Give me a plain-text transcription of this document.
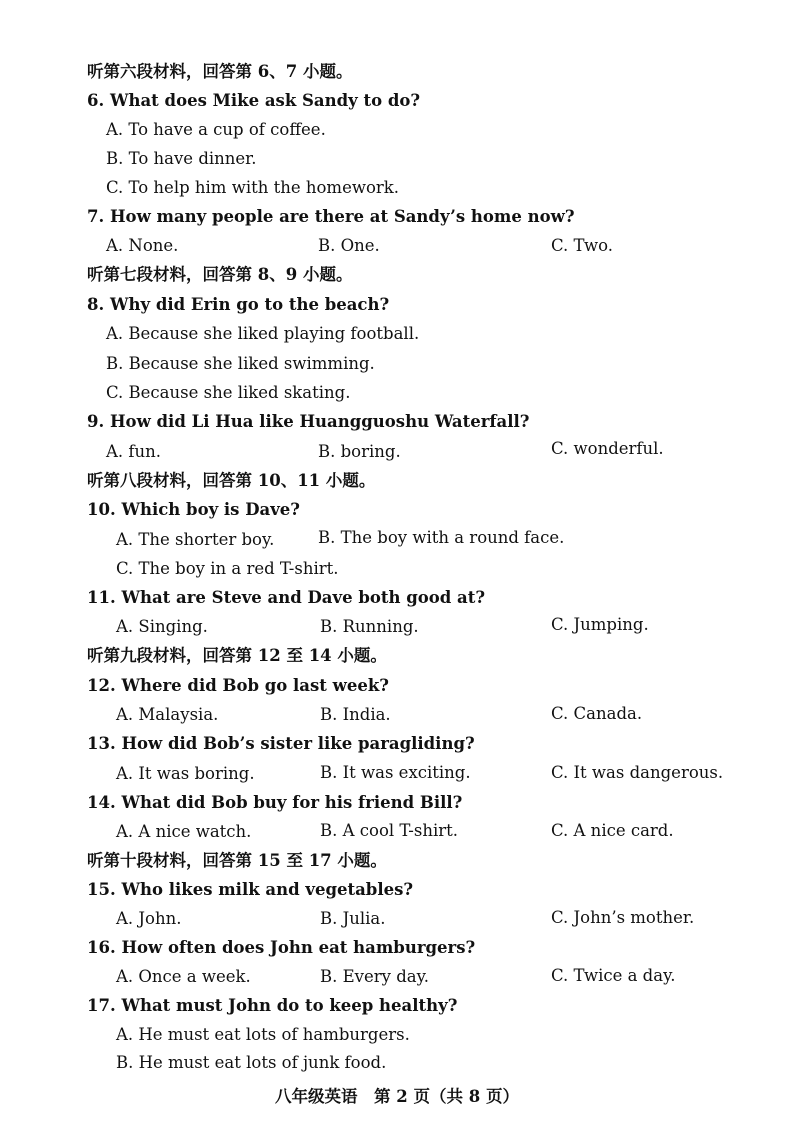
听第六段材料，回答第 6、7 小题。
6. What does Mike ask Sandy to do?
A. To have a cup of coffee.
B. To have dinner.
C. To help him with the homework.
7. How many people are there at Sandy’s home now?
A. None.	B. One.	C. Two.
听第七段材料，回答第 8、9 小题。
8. Why did Erin go to the beach?
A. Because she liked playing football.
B. Because she liked swimming.
C. Because she liked skating.
9. How did Li Hua like Huangguoshu Waterfall?
A. fun.	B. boring.	C. wonderful.
听第八段材料，回答第 10、11 小题。
10. Which boy is Dave?
A. The shorter boy.	B. The boy with a round face.
C. The boy in a red T-shirt.
11. What are Steve and Dave both good at?
A. Singing.	B. Running.	C. Jumping.
听第九段材料，回答第 12 至 14 小题。
12. Where did Bob go last week?
A. Malaysia.	B. India.	C. Canada.
13. How did Bob’s sister like paragliding?
A. It was boring.	B. It was exciting.	C. It was dangerous.
14. What did Bob buy for his friend Bill?
A. A nice watch.	B. A cool T-shirt.	C. A nice card.
听第十段材料，回答第 15 至 17 小题。
15. Who likes milk and vegetables?
A. John.	B. Julia.	C. John’s mother.
16. How often does John eat hamburgers?
A. Once a week.	B. Every day.	C. Twice a day.
17. What must John do to keep healthy?
A. He must eat lots of hamburgers.
B. He must eat lots of junk food.
八年级英语　第 2 页（共 8 页）
